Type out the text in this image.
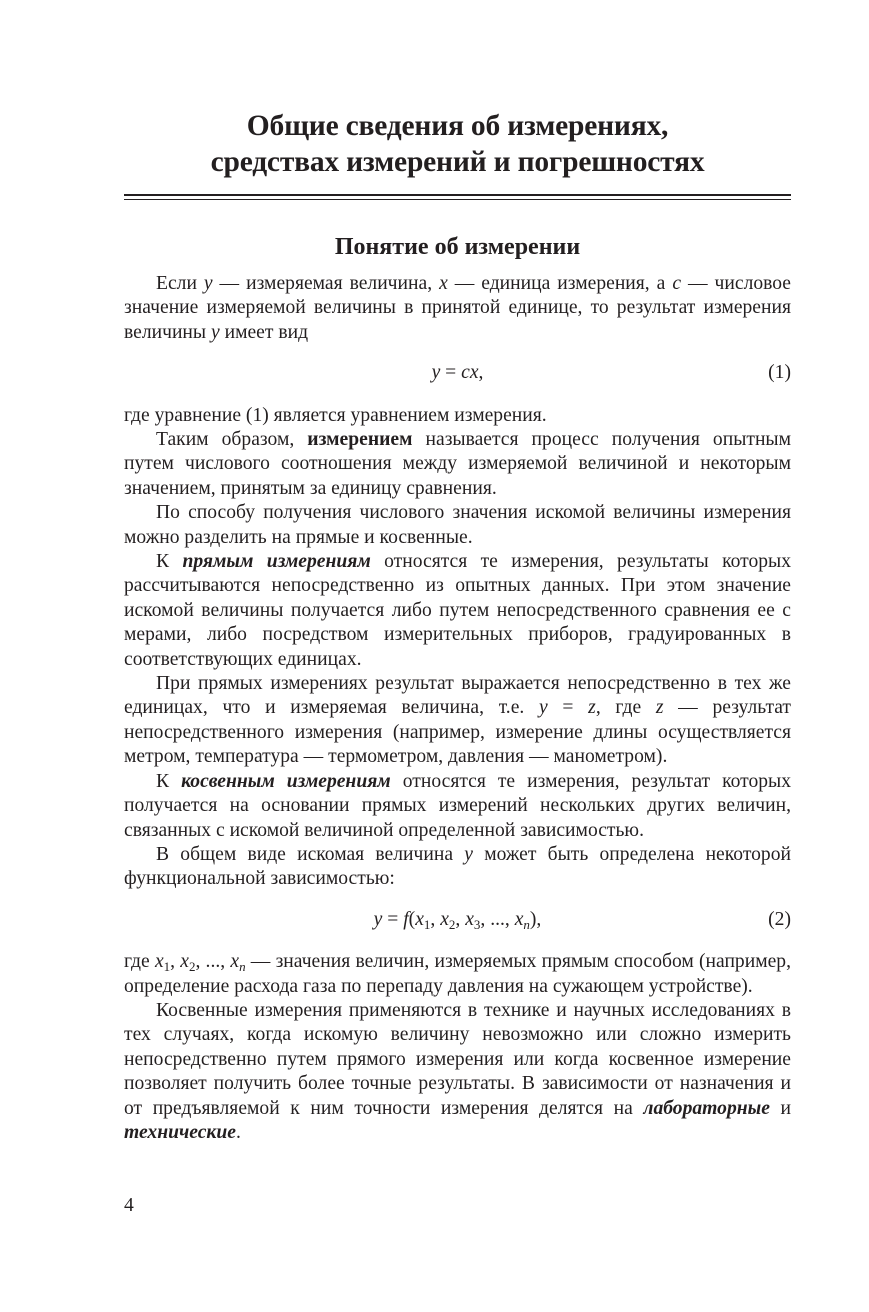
Общие сведения об измерениях,
средствах измерений и погрешностях
Понятие об измерении

Если y — измеряемая величина, x — единица измерения, а c — числовое значение измеряемой величины в принятой единице, то результат измерения величины y имеет вид

y = cx,	(1)

где уравнение (1) является уравнением измерения.

Таким образом, измерением называется процесс получения опытным путем числового соотношения между измеряемой величиной и некоторым значением, принятым за единицу сравнения.

По способу получения числового значения искомой величины измерения можно разделить на прямые и косвенные.

К прямым измерениям относятся те измерения, результаты которых рассчитываются непосредственно из опытных данных. При этом значение искомой величины получается либо путем непосредственного сравнения ее с мерами, либо посредством измерительных приборов, градуированных в соответствующих единицах.

При прямых измерениях результат выражается непосредственно в тех же единицах, что и измеряемая величина, т.е. y = z, где z — результат непосредственного измерения (например, измерение длины осуществляется метром, температура — термометром, давления — манометром).

К косвенным измерениям относятся те измерения, результат которых получается на основании прямых измерений нескольких других величин, связанных с искомой величиной определенной зависимостью.

В общем виде искомая величина y может быть определена некоторой функциональной зависимостью:

$y = f(x_1$, $x_2$, $x_3$, ..., $x_n$),	(2)

где $x_1$, $x_2$, ..., $x_n$ — значения величин, измеряемых прямым способом (например, определение расхода газа по перепаду давления на сужающем устройстве).

Косвенные измерения применяются в технике и научных исследованиях в тех случаях, когда искомую величину невозможно или сложно измерить непосредственно путем прямого измерения или когда косвенное измерение позволяет получить более точные результаты. В зависимости от назначения и от предъявляемой к ним точности измерения делятся на лабораторные и технические.

4
